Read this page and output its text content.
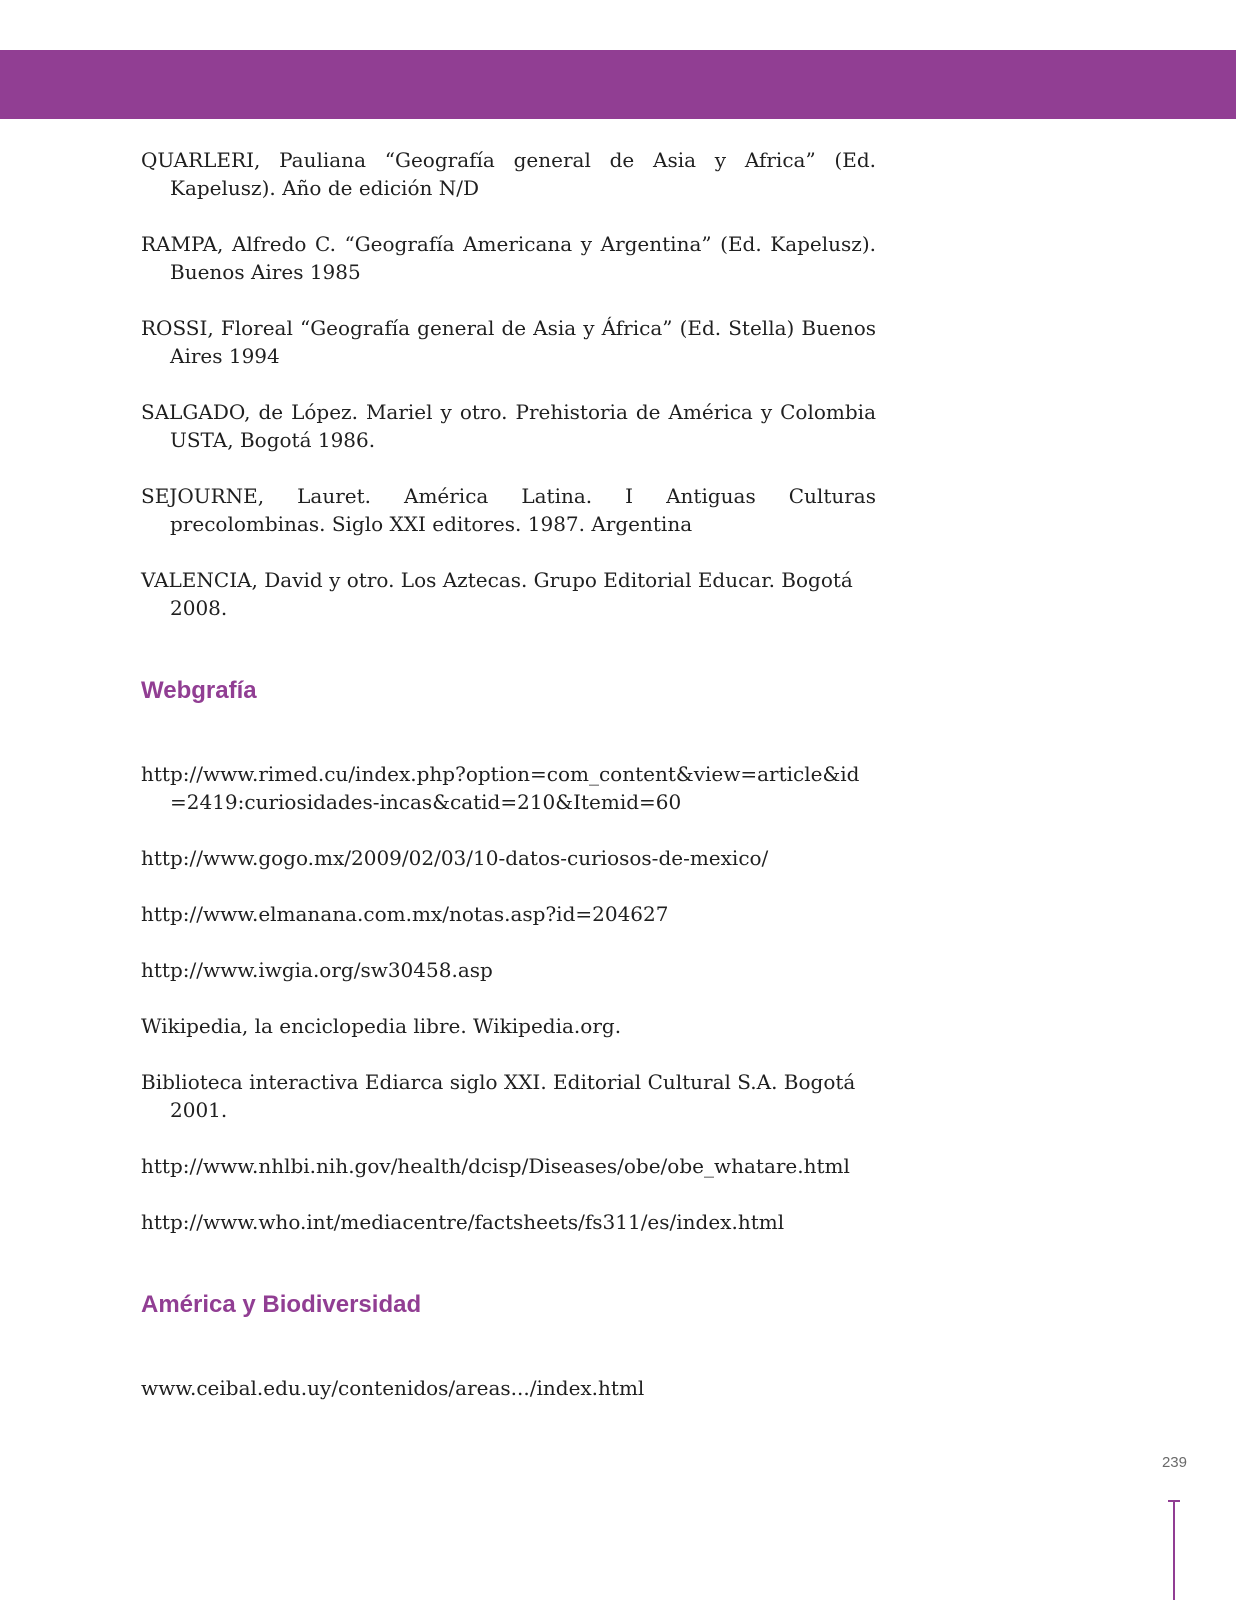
QUARLERI, Pauliana “Geografía general de Asia y Africa” (Ed. Kapelusz). Año de edición N/D

RAMPA, Alfredo C. “Geografía Americana y Argentina” (Ed. Kapelusz). Buenos Aires 1985

ROSSI, Floreal “Geografía general de Asia y África” (Ed. Stella) Buenos Aires 1994

SALGADO, de López. Mariel y otro. Prehistoria de América y Colombia USTA, Bogotá 1986.

SEJOURNE, Lauret. América Latina. I Antiguas Culturas precolombinas. Siglo XXI editores. 1987. Argentina

VALENCIA, David y otro. Los Aztecas. Grupo Editorial Educar. Bogotá 2008.

Webgrafía

http://www.rimed.cu/index.php?option=com_content&view=article&id=2419:curiosidades-incas&catid=210&Itemid=60

http://www.gogo.mx/2009/02/03/10-datos-curiosos-de-mexico/

http://www.elmanana.com.mx/notas.asp?id=204627

http://www.iwgia.org/sw30458.asp

Wikipedia, la enciclopedia libre. Wikipedia.org.

Biblioteca interactiva Ediarca siglo XXI. Editorial Cultural S.A. Bogotá 2001.

http://www.nhlbi.nih.gov/health/dcisp/Diseases/obe/obe_whatare.html

http://www.who.int/mediacentre/factsheets/fs311/es/index.html

América y Biodiversidad

www.ceibal.edu.uy/contenidos/areas.../index.html

239
